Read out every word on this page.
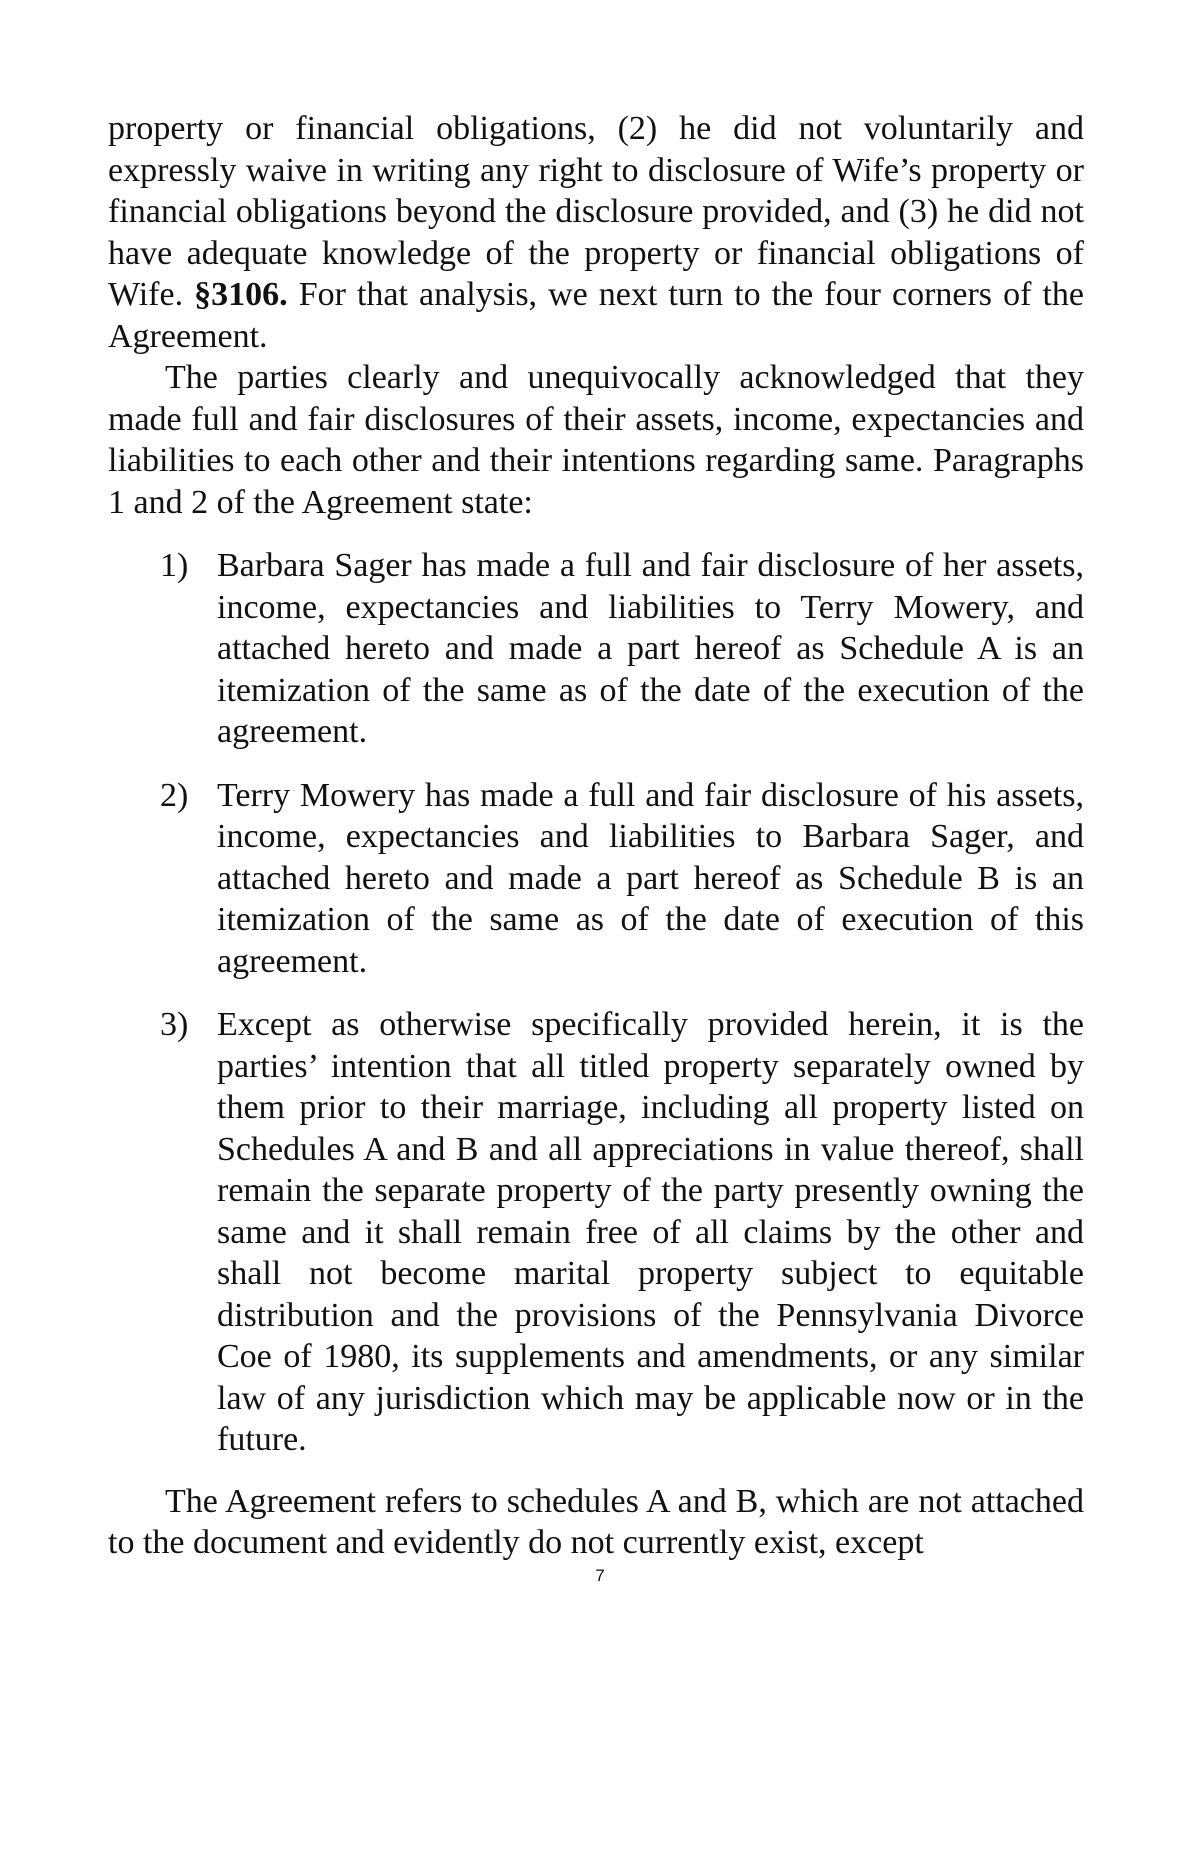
property or financial obligations, (2) he did not voluntarily and expressly waive in writing any right to disclosure of Wife’s property or financial obligations beyond the disclosure provided, and (3) he did not have adequate knowledge of the property or financial obligations of Wife. §3106. For that analysis, we next turn to the four corners of the Agreement.

The parties clearly and unequivocally acknowledged that they made full and fair disclosures of their assets, income, expectancies and liabilities to each other and their intentions regarding same. Paragraphs 1 and 2 of the Agreement state:

1) Barbara Sager has made a full and fair disclosure of her assets, income, expectancies and liabilities to Terry Mowery, and attached hereto and made a part hereof as Schedule A is an itemization of the same as of the date of the execution of the agreement.
2) Terry Mowery has made a full and fair disclosure of his assets, income, expectancies and liabilities to Barbara Sager, and attached hereto and made a part hereof as Schedule B is an itemization of the same as of the date of execution of this agreement.
3) Except as otherwise specifically provided herein, it is the parties’ intention that all titled property separately owned by them prior to their marriage, including all property listed on Schedules A and B and all appreciations in value thereof, shall remain the separate property of the party presently owning the same and it shall remain free of all claims by the other and shall not become marital property subject to equitable distribution and the provisions of the Pennsylvania Divorce Coe of 1980, its supplements and amendments, or any similar law of any jurisdiction which may be applicable now or in the future.

The Agreement refers to schedules A and B, which are not attached to the document and evidently do not currently exist, except

7
